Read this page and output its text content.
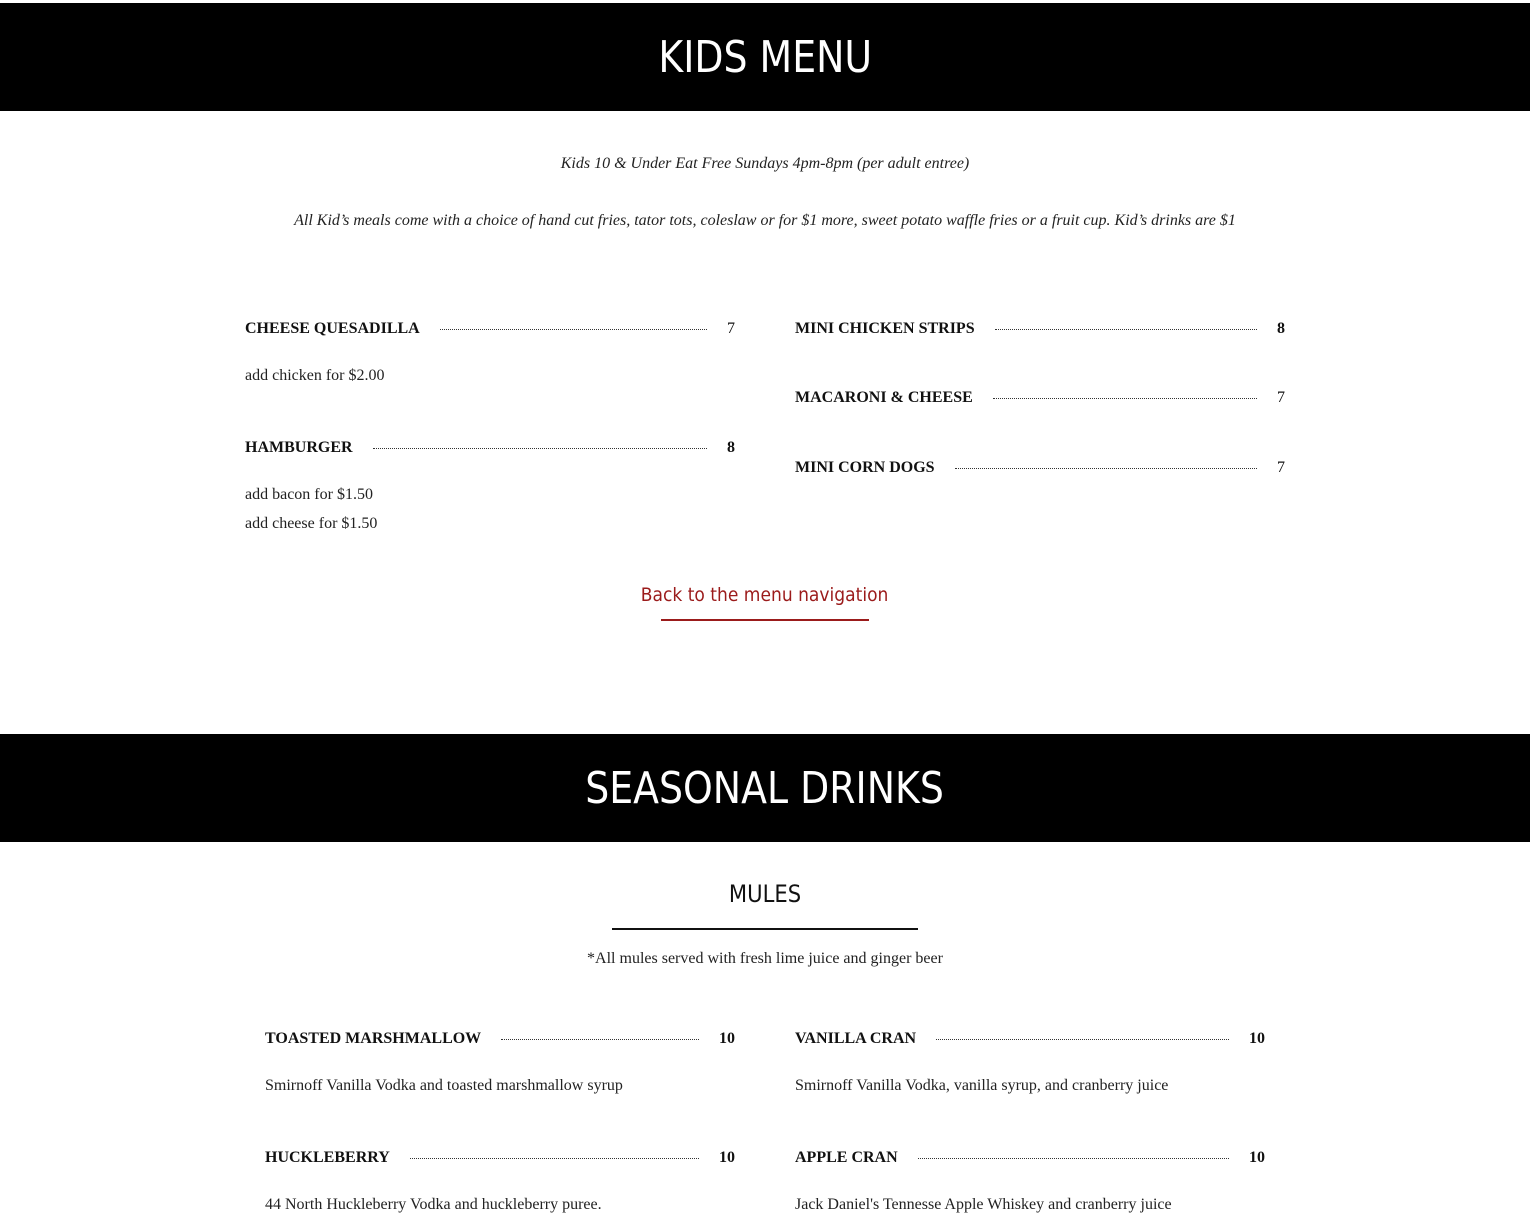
KIDS MENU
Kids 10 & Under Eat Free Sundays 4pm-8pm (per adult entree)
All Kid’s meals come with a choice of hand cut fries, tator tots, coleslaw or for $1 more, sweet potato waffle fries or a fruit cup. Kid’s drinks are $1
CHEESE QUESADILLA	7
add chicken for $2.00
HAMBURGER	8
add bacon for $1.50
add cheese for $1.50
MINI CHICKEN STRIPS	8
MACARONI & CHEESE	7
MINI CORN DOGS	7
Back to the menu navigation
SEASONAL DRINKS
MULES
*All mules served with fresh lime juice and ginger beer
TOASTED MARSHMALLOW	10
Smirnoff Vanilla Vodka and toasted marshmallow syrup
HUCKLEBERRY	10
44 North Huckleberry Vodka and huckleberry puree.
VANILLA CRAN	10
Smirnoff Vanilla Vodka, vanilla syrup, and cranberry juice
APPLE CRAN	10
Jack Daniel's Tennesse Apple Whiskey and cranberry juice
